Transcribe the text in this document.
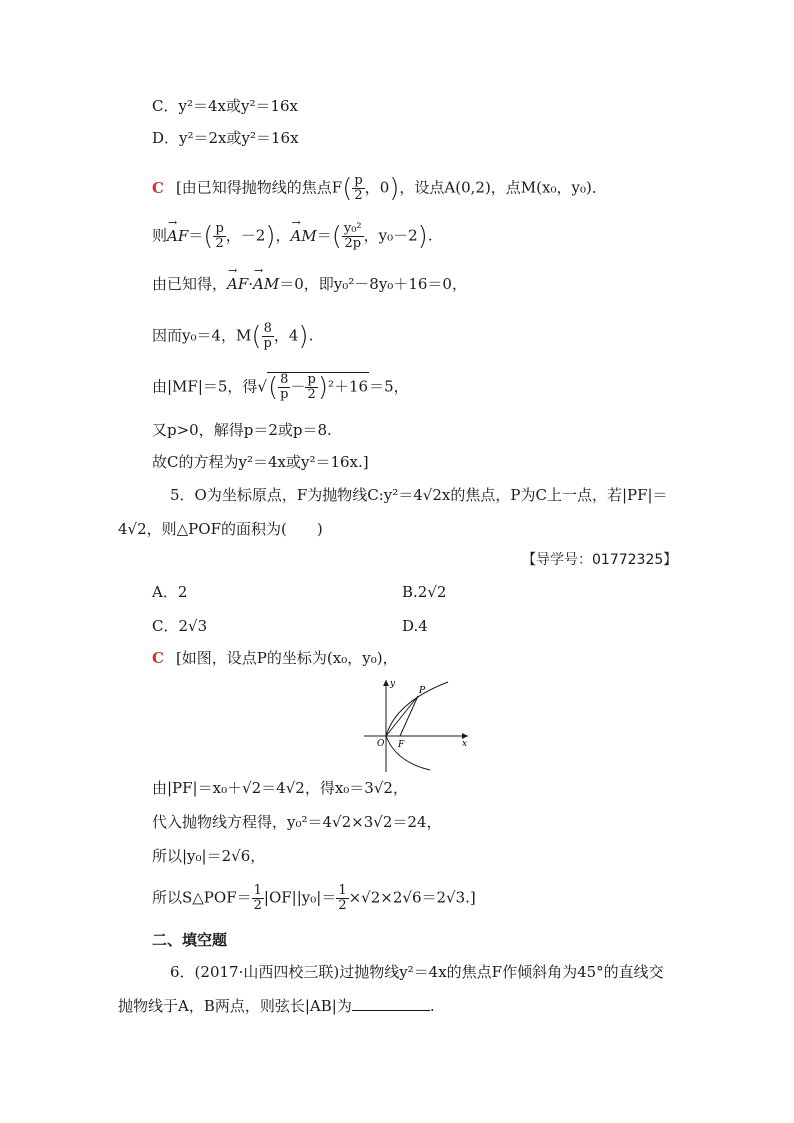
C．y²＝4x或y²＝16x
D．y²＝2x或y²＝16x
C [由已知得抛物线的焦点$F( \frac{p}{2}$ ，0)，设点A(0,2)，点M(x₀，y₀)．
则→ $AF=( \frac{p}{2}$ ，－2)，→ $AM=( \frac{\text{y₀²}}{2p}$ ，y₀－2).
由已知得，→ AF·→ AM＝0，即y₀²－8y₀＋16＝0，
因而y₀＝4，$M( \frac{8}{p}$ ，4).
由|MF|＝5，得√( $\frac{8}{p} - \frac{p}{2} )^2+16=5$，
又p>0，解得p＝2或p＝8.
故C的方程为y²＝4x或y²＝16x.]
5．O为坐标原点，F为抛物线C:y²＝4√2x的焦点，P为C上一点，若|PF|＝
4√2，则△POF的面积为(　　)
【导学号：01772325】
A．2	B.2√2
C．2√3	D.4
C [如图，设点P的坐标为(x₀，y₀)，
y
P
O F	x
由|PF|＝x₀＋√2＝4√2，得x₀＝3√2，
代入抛物线方程得，y₀²＝4√2×3√2＝24，
所以|y₀|＝2√6，
所以S△POF＝ $\frac{1}{2} |OF||y_0|= \frac{1}{2} \times√2\times 2√6=2√3$.]
二、填空题
6．(2017·山西四校三联)过抛物线y²＝4x的焦点F作倾斜角为45°的直线交
抛物线于A，B两点，则弦长|AB|为	.
